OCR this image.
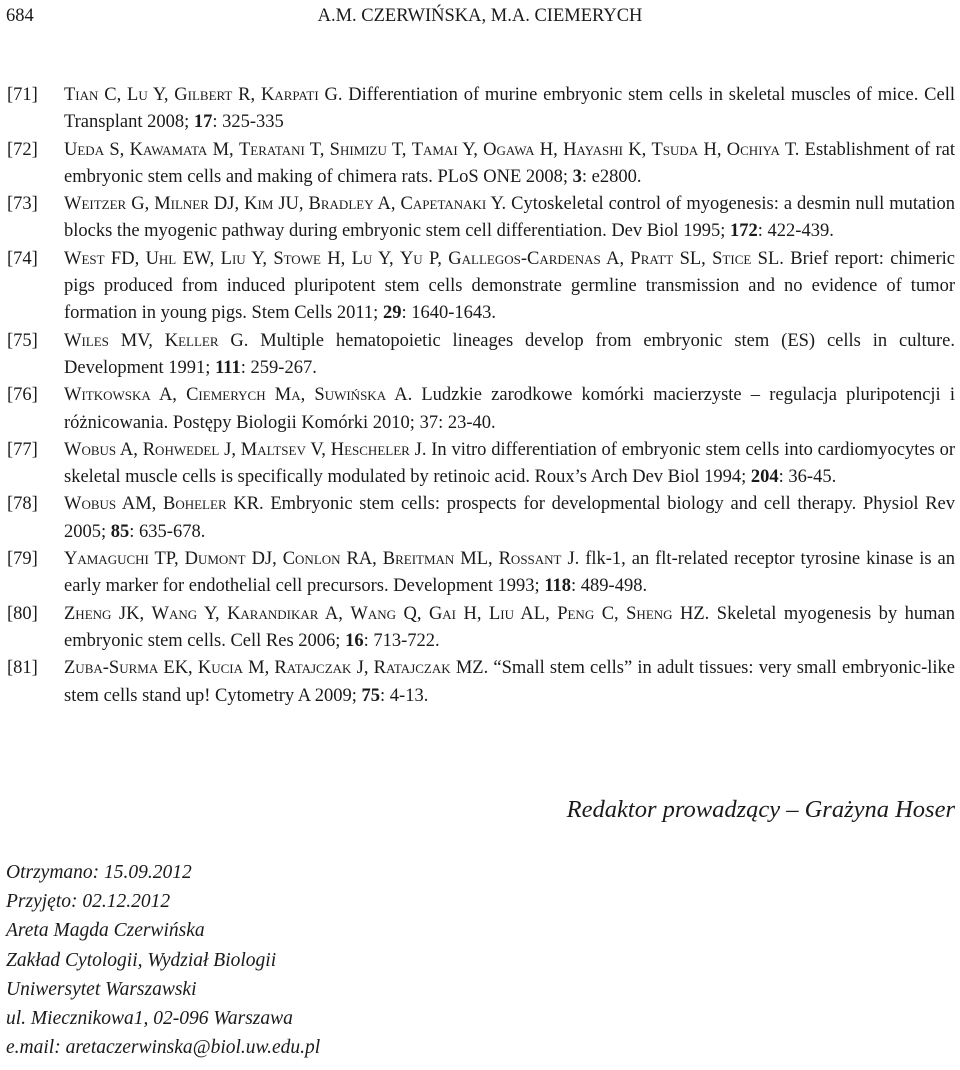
684	A.M. CZERWIŃSKA, M.A. CIEMERYCH
[71] Tian C, Lu Y, Gilbert R, Karpati G. Differentiation of murine embryonic stem cells in skeletal muscles of mice. Cell Transplant 2008; 17: 325-335
[72] Ueda S, Kawamata M, Teratani T, Shimizu T, Tamai Y, Ogawa H, Hayashi K, Tsuda H, Ochiya T. Establishment of rat embryonic stem cells and making of chimera rats. PLoS ONE 2008; 3: e2800.
[73] Weitzer G, Milner DJ, Kim JU, Bradley A, Capetanaki Y. Cytoskeletal control of myogenesis: a desmin null mutation blocks the myogenic pathway during embryonic stem cell differentiation. Dev Biol 1995; 172: 422-439.
[74] West FD, Uhl EW, Liu Y, Stowe H, Lu Y, Yu P, Gallegos-Cardenas A, Pratt SL, Stice SL. Brief report: chimeric pigs produced from induced pluripotent stem cells demonstrate germline transmission and no evidence of tumor formation in young pigs. Stem Cells 2011; 29: 1640-1643.
[75] Wiles MV, Keller G. Multiple hematopoietic lineages develop from embryonic stem (ES) cells in culture. Development 1991; 111: 259-267.
[76] Witkowska A, Ciemerych Ma, Suwińska A. Ludzkie zarodkowe komórki macierzyste – regulacja pluripotencji i różnicowania. Postępy Biologii Komórki 2010; 37: 23-40.
[77] Wobus A, Rohwedel J, Maltsev V, Hescheler J. In vitro differentiation of embryonic stem cells into cardiomyocytes or skeletal muscle cells is specifically modulated by retinoic acid. Roux’s Arch Dev Biol 1994; 204: 36-45.
[78] Wobus AM, Boheler KR. Embryonic stem cells: prospects for developmental biology and cell therapy. Physiol Rev 2005; 85: 635-678.
[79] Yamaguchi TP, Dumont DJ, Conlon RA, Breitman ML, Rossant J. flk-1, an flt-related receptor tyrosine kinase is an early marker for endothelial cell precursors. Development 1993; 118: 489-498.
[80] Zheng JK, Wang Y, Karandikar A, Wang Q, Gai H, Liu AL, Peng C, Sheng HZ. Skeletal myogenesis by human embryonic stem cells. Cell Res 2006; 16: 713-722.
[81] Zuba-Surma EK, Kucia M, Ratajczak J, Ratajczak MZ. “Small stem cells” in adult tissues: very small embryonic-like stem cells stand up! Cytometry A 2009; 75: 4-13.
Redaktor prowadzący – Grażyna Hoser
Otrzymano: 15.09.2012
Przyjęto: 02.12.2012
Areta Magda Czerwińska
Zakład Cytologii, Wydział Biologii
Uniwersytet Warszawski
ul. Miecznikowa1, 02-096 Warszawa
e.mail: aretaczerwinska@biol.uw.edu.pl
